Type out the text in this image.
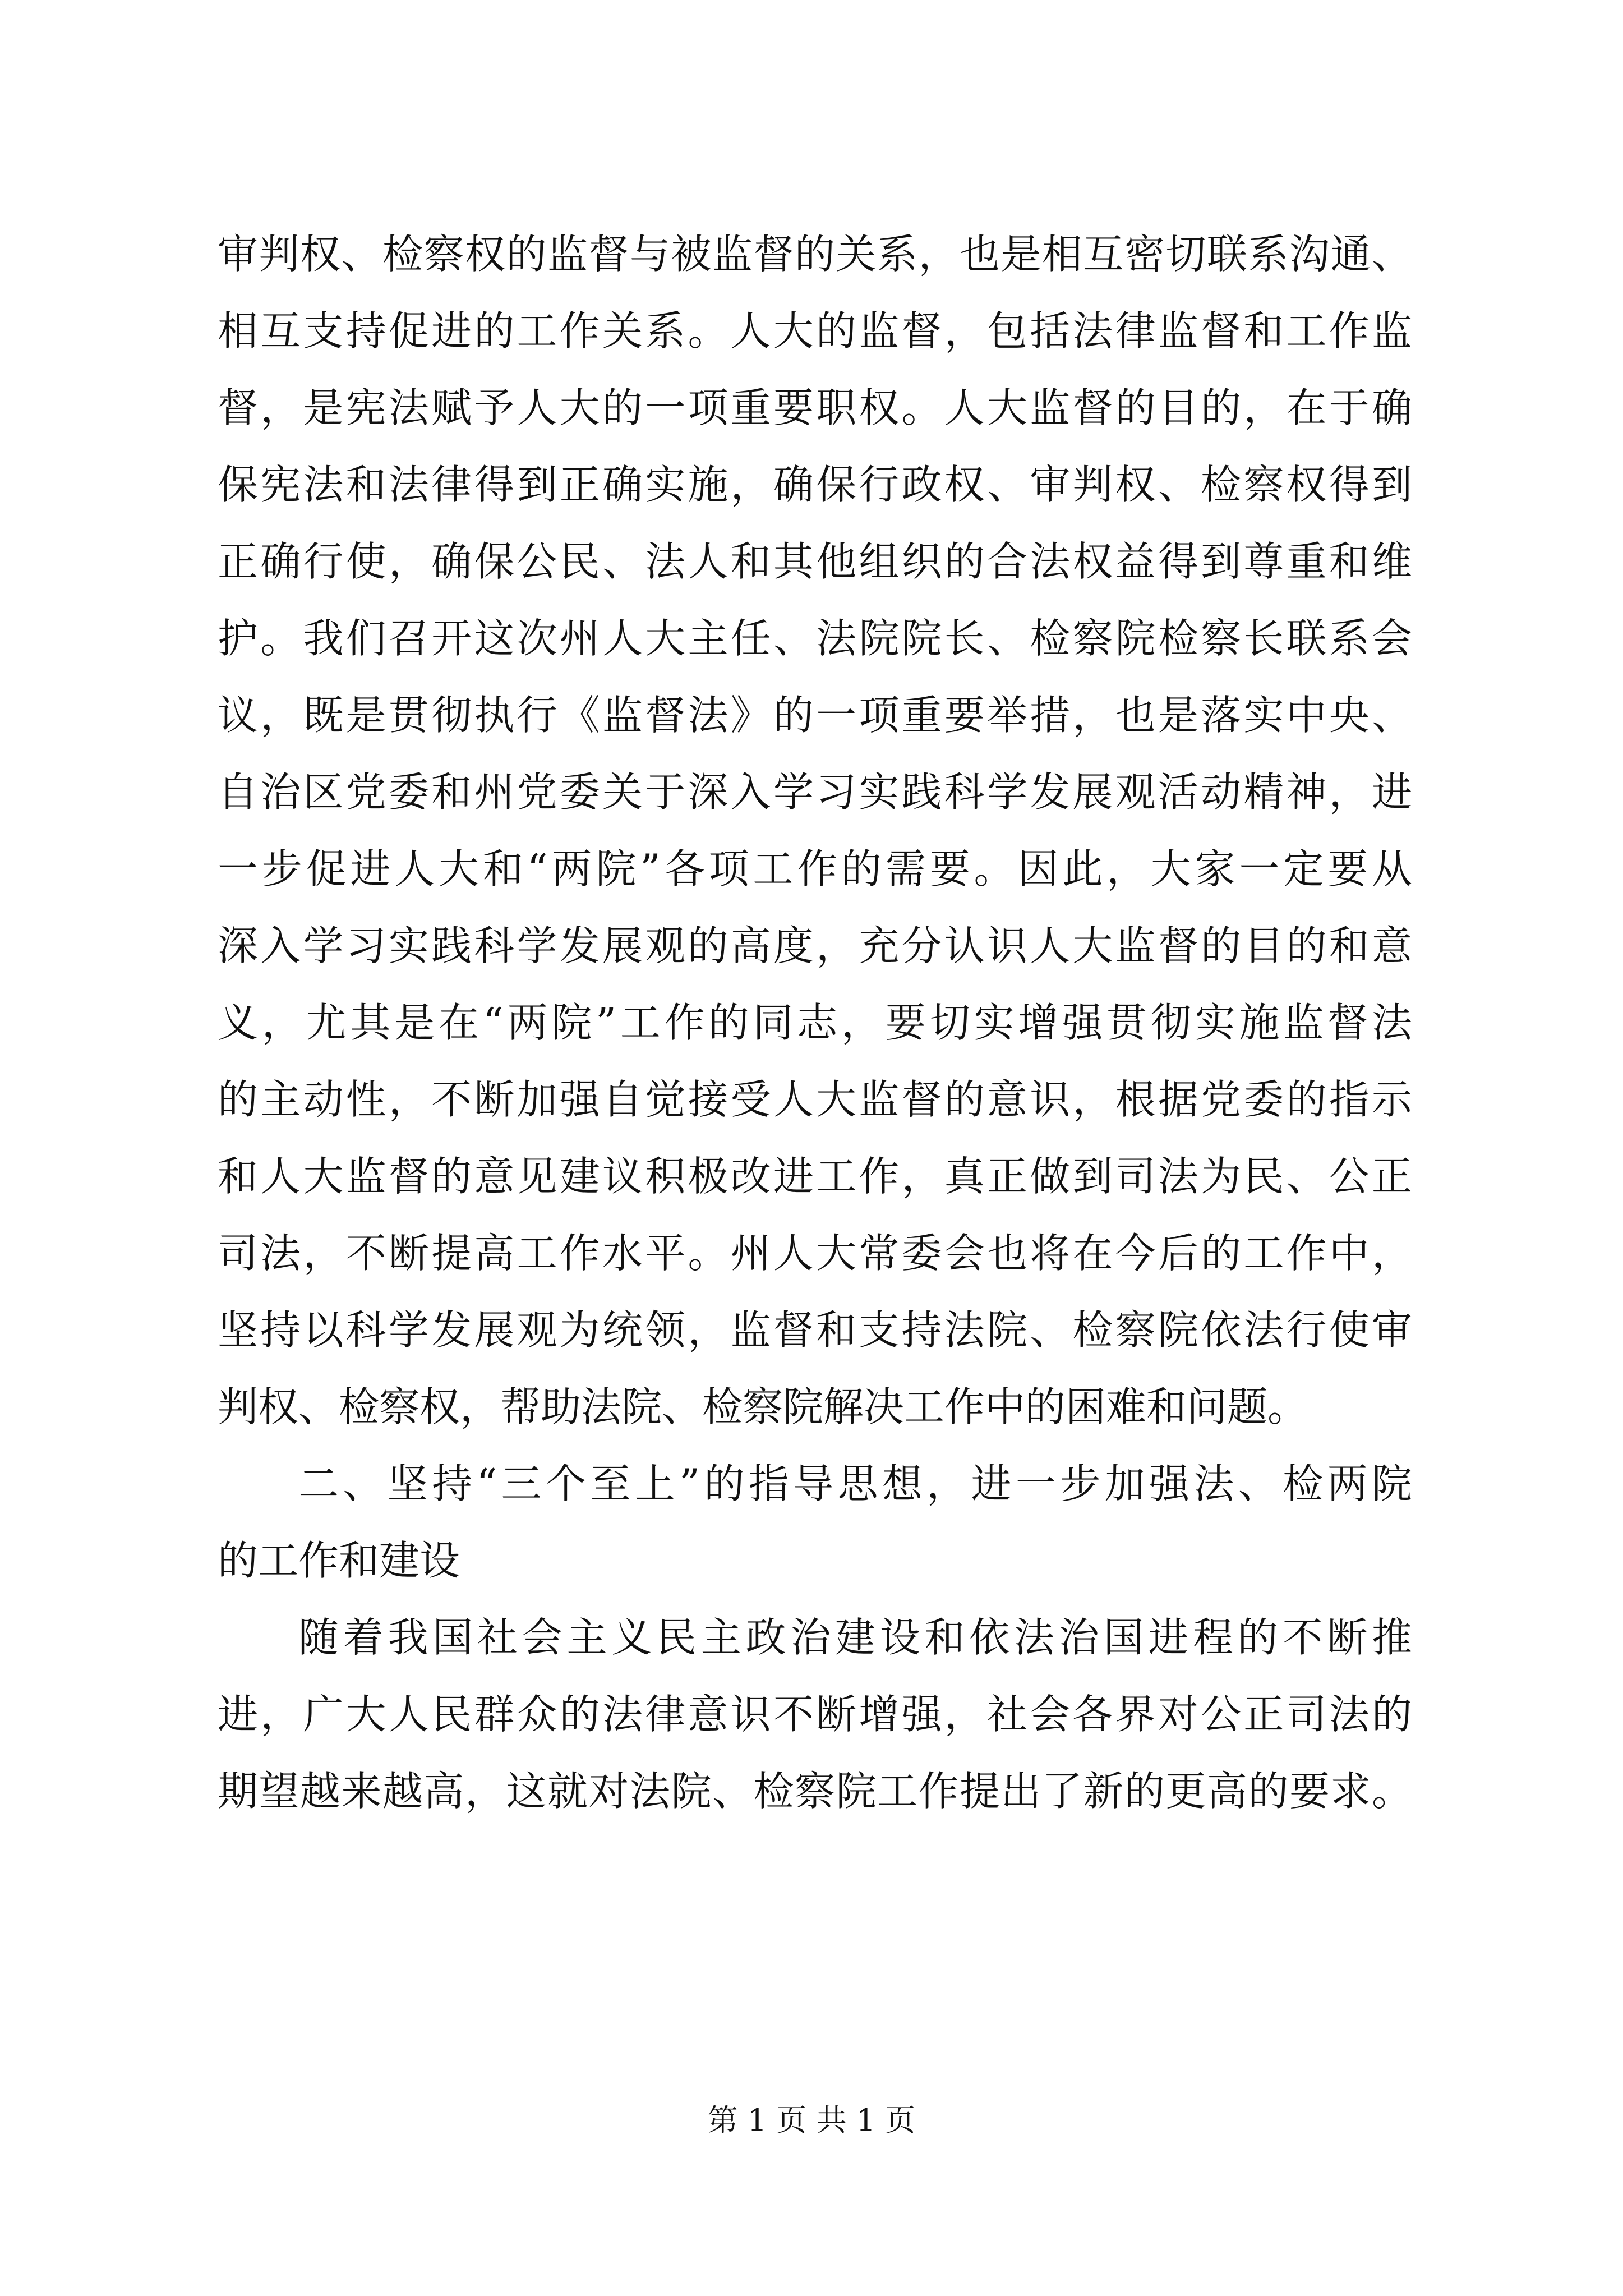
审判权、检察权的监督与被监督的关系，也是相互密切联系沟通、
相互支持促进的工作关系。人大的监督，包括法律监督和工作监
督，是宪法赋予人大的一项重要职权。人大监督的目的，在于确
保宪法和法律得到正确实施，确保行政权、审判权、检察权得到
正确行使，确保公民、法人和其他组织的合法权益得到尊重和维
护。我们召开这次州人大主任、法院院长、检察院检察长联系会
议，既是贯彻执行《监督法》的一项重要举措，也是落实中央、
自治区党委和州党委关于深入学习实践科学发展观活动精神，进
一步促进人大和“两院”各项工作的需要。因此，大家一定要从
深入学习实践科学发展观的高度，充分认识人大监督的目的和意
义，尤其是在“两院”工作的同志，要切实增强贯彻实施监督法
的主动性，不断加强自觉接受人大监督的意识，根据党委的指示
和人大监督的意见建议积极改进工作，真正做到司法为民、公正
司法，不断提高工作水平。州人大常委会也将在今后的工作中，
坚持以科学发展观为统领，监督和支持法院、检察院依法行使审
判权、检察权，帮助法院、检察院解决工作中的困难和问题。
二、坚持“三个至上”的指导思想，进一步加强法、检两院
的工作和建设
随着我国社会主义民主政治建设和依法治国进程的不断推
进，广大人民群众的法律意识不断增强，社会各界对公正司法的
期望越来越高，这就对法院、检察院工作提出了新的更高的要求。
第 1 页 共 1 页
